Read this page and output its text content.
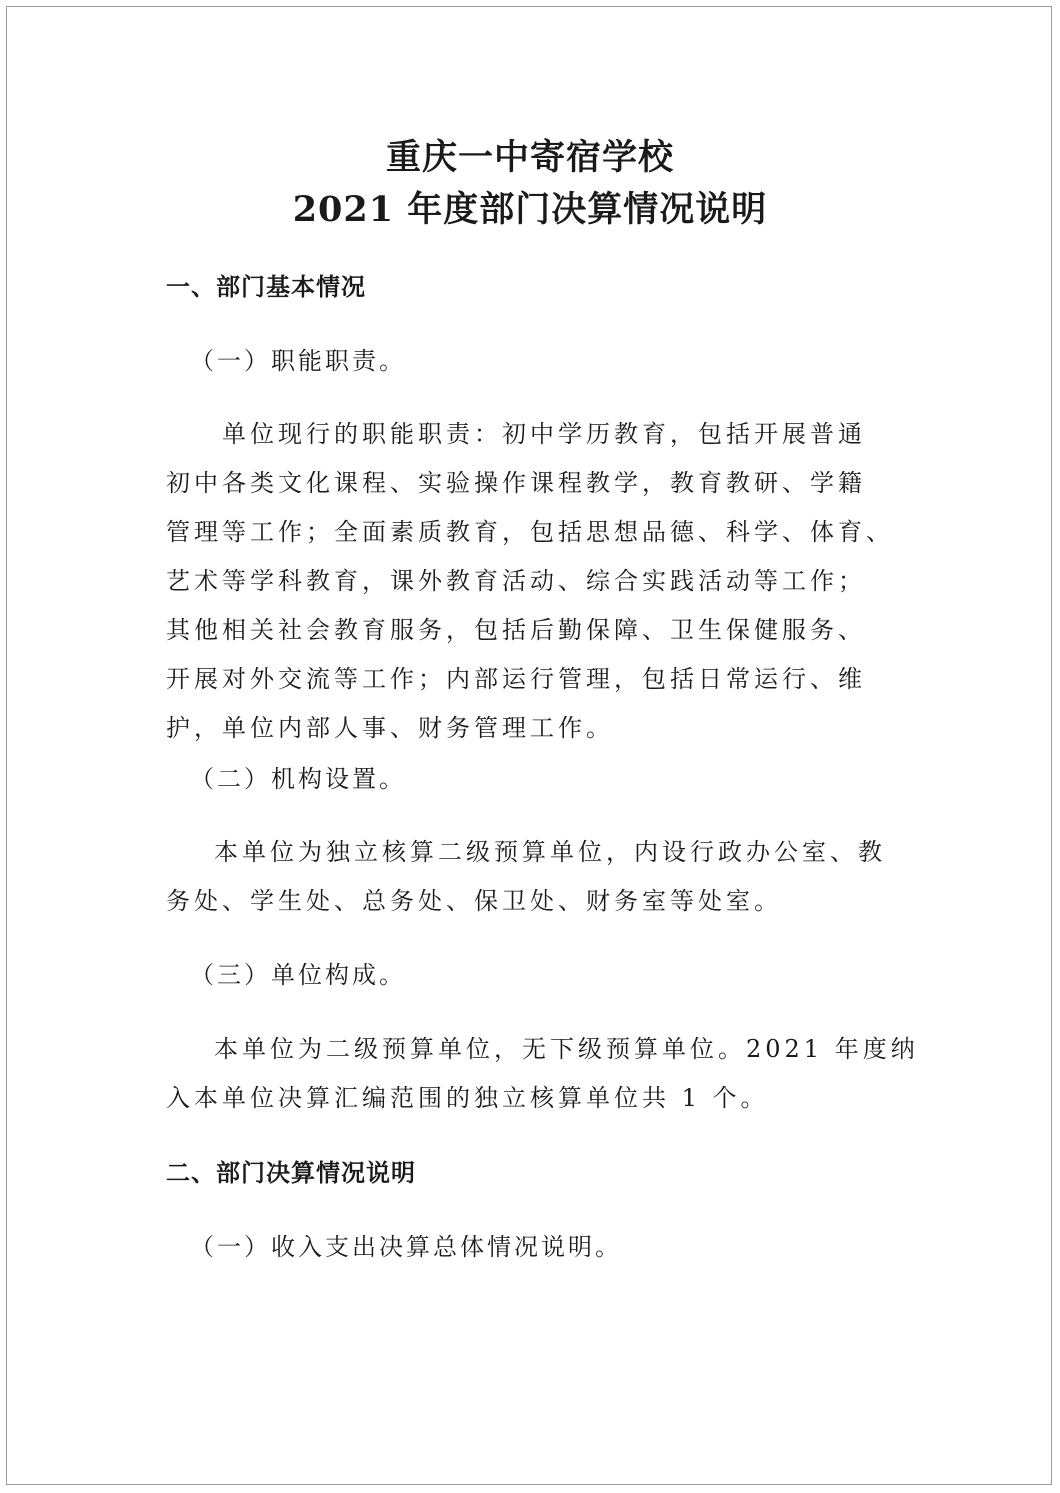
重庆一中寄宿学校
2021 年度部门决算情况说明
一、部门基本情况
（一）职能职责。
单位现行的职能职责：初中学历教育，包括开展普通
初中各类文化课程、实验操作课程教学，教育教研、学籍
管理等工作；全面素质教育，包括思想品德、科学、体育、
艺术等学科教育，课外教育活动、综合实践活动等工作；
其他相关社会教育服务，包括后勤保障、卫生保健服务、
开展对外交流等工作；内部运行管理，包括日常运行、维
护，单位内部人事、财务管理工作。
（二）机构设置。
本单位为独立核算二级预算单位，内设行政办公室、教
务处、学生处、总务处、保卫处、财务室等处室。
（三）单位构成。
本单位为二级预算单位，无下级预算单位。2021 年度纳
入本单位决算汇编范围的独立核算单位共 1 个。
二、部门决算情况说明
（一）收入支出决算总体情况说明。
